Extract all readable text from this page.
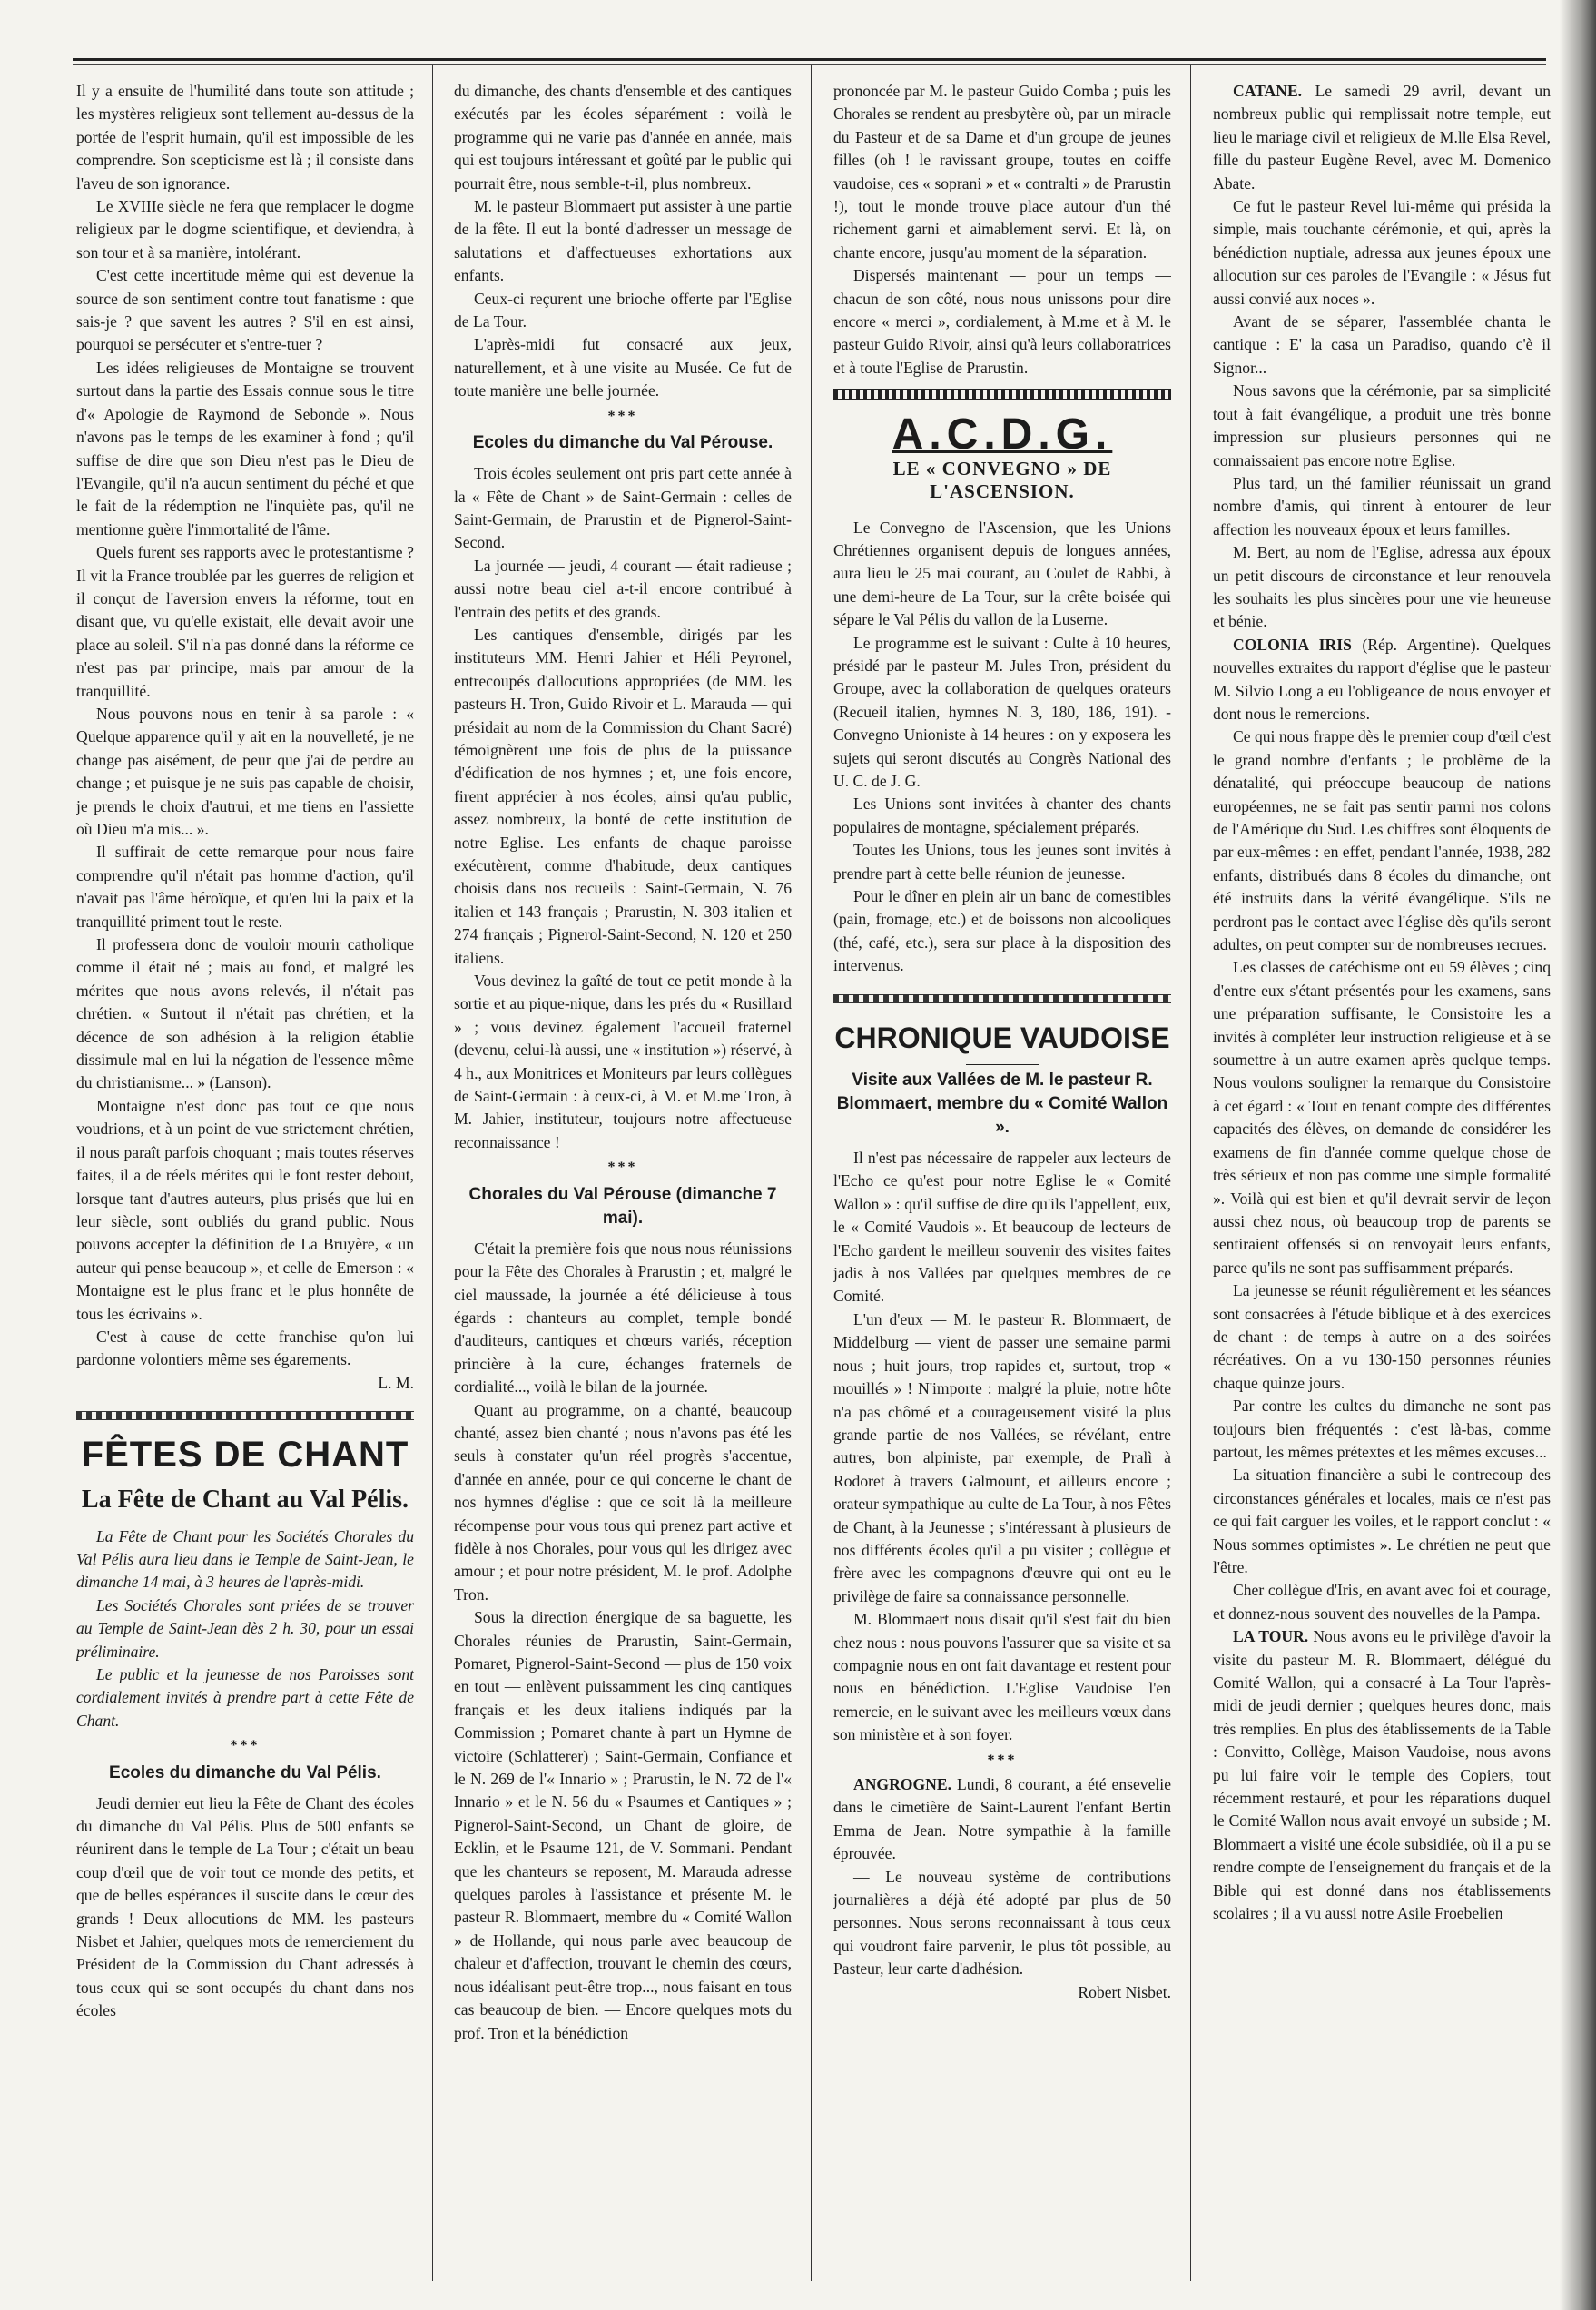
Il y a ensuite de l'humilité dans toute son attitude ; les mystères religieux sont tellement au-dessus de la portée de l'esprit humain, qu'il est impossible de les comprendre. Son scepticisme est là ; il consiste dans l'aveu de son ignorance.

Le XVIIIe siècle ne fera que remplacer le dogme religieux par le dogme scientifique, et deviendra, à son tour et à sa manière, intolérant.

C'est cette incertitude même qui est devenue la source de son sentiment contre tout fanatisme : que sais-je ? que savent les autres ? S'il en est ainsi, pourquoi se persécuter et s'entre-tuer ?

Les idées religieuses de Montaigne se trouvent surtout dans la partie des Essais connue sous le titre d'« Apologie de Raymond de Sebonde ». Nous n'avons pas le temps de les examiner à fond ; qu'il suffise de dire que son Dieu n'est pas le Dieu de l'Evangile, qu'il n'a aucun sentiment du péché et que le fait de la rédemption ne l'inquiète pas, qu'il ne mentionne guère l'immortalité de l'âme.

Quels furent ses rapports avec le protestantisme ? Il vit la France troublée par les guerres de religion et il conçut de l'aversion envers la réforme, tout en disant que, vu qu'elle existait, elle devait avoir une place au soleil. S'il n'a pas donné dans la réforme ce n'est pas par principe, mais par amour de la tranquillité.

Nous pouvons nous en tenir à sa parole : « Quelque apparence qu'il y ait en la nouvelleté, je ne change pas aisément, de peur que j'ai de perdre au change ; et puisque je ne suis pas capable de choisir, je prends le choix d'autrui, et me tiens en l'assiette où Dieu m'a mis... ».

Il suffirait de cette remarque pour nous faire comprendre qu'il n'était pas homme d'action, qu'il n'avait pas l'âme héroïque, et qu'en lui la paix et la tranquillité priment tout le reste.

Il professera donc de vouloir mourir catholique comme il était né ; mais au fond, et malgré les mérites que nous avons relevés, il n'était pas chrétien. « Surtout il n'était pas chrétien, et la décence de son adhésion à la religion établie dissimule mal en lui la négation de l'essence même du christianisme... » (Lanson).

Montaigne n'est donc pas tout ce que nous voudrions, et à un point de vue strictement chrétien, il nous paraît parfois choquant ; mais toutes réserves faites, il a de réels mérites qui le font rester debout, lorsque tant d'autres auteurs, plus prisés que lui en leur siècle, sont oubliés du grand public. Nous pouvons accepter la définition de La Bruyère, « un auteur qui pense beaucoup », et celle de Emerson : « Montaigne est le plus franc et le plus honnête de tous les écrivains ».

C'est à cause de cette franchise qu'on lui pardonne volontiers même ses égarements.

L. M.

FÊTES DE CHANT
La Fête de Chant au Val Pélis.

La Fête de Chant pour les Sociétés Chorales du Val Pélis aura lieu dans le Temple de Saint-Jean, le dimanche 14 mai, à 3 heures de l'après-midi.

Les Sociétés Chorales sont priées de se trouver au Temple de Saint-Jean dès 2 h. 30, pour un essai préliminaire.

Le public et la jeunesse de nos Paroisses sont cordialement invités à prendre part à cette Fête de Chant.

***
Ecoles du dimanche du Val Pélis.

Jeudi dernier eut lieu la Fête de Chant des écoles du dimanche du Val Pélis. Plus de 500 enfants se réunirent dans le temple de La Tour ; c'était un beau coup d'œil que de voir tout ce monde des petits, et que de belles espérances il suscite dans le cœur des grands ! Deux allocutions de MM. les pasteurs Nisbet et Jahier, quelques mots de remerciement du Président de la Commission du Chant adressés à tous ceux qui se sont occupés du chant dans nos écoles

du dimanche, des chants d'ensemble et des cantiques exécutés par les écoles séparément : voilà le programme qui ne varie pas d'année en année, mais qui est toujours intéressant et goûté par le public qui pourrait être, nous semble-t-il, plus nombreux.

M. le pasteur Blommaert put assister à une partie de la fête. Il eut la bonté d'adresser un message de salutations et d'affectueuses exhortations aux enfants.

Ceux-ci reçurent une brioche offerte par l'Eglise de La Tour.

L'après-midi fut consacré aux jeux, naturellement, et à une visite au Musée. Ce fut de toute manière une belle journée.

***
Ecoles du dimanche du Val Pérouse.

Trois écoles seulement ont pris part cette année à la « Fête de Chant » de Saint-Germain : celles de Saint-Germain, de Prarustin et de Pignerol-Saint-Second.

La journée — jeudi, 4 courant — était radieuse ; aussi notre beau ciel a-t-il encore contribué à l'entrain des petits et des grands.

Les cantiques d'ensemble, dirigés par les instituteurs MM. Henri Jahier et Héli Peyronel, entrecoupés d'allocutions appropriées (de MM. les pasteurs H. Tron, Guido Rivoir et L. Marauda — qui présidait au nom de la Commission du Chant Sacré) témoignèrent une fois de plus de la puissance d'édification de nos hymnes ; et, une fois encore, firent apprécier à nos écoles, ainsi qu'au public, assez nombreux, la bonté de cette institution de notre Eglise. Les enfants de chaque paroisse exécutèrent, comme d'habitude, deux cantiques choisis dans nos recueils : Saint-Germain, N. 76 italien et 143 français ; Prarustin, N. 303 italien et 274 français ; Pignerol-Saint-Second, N. 120 et 250 italiens.

Vous devinez la gaîté de tout ce petit monde à la sortie et au pique-nique, dans les prés du « Rusillard » ; vous devinez également l'accueil fraternel (devenu, celui-là aussi, une « institution ») réservé, à 4 h., aux Monitrices et Moniteurs par leurs collègues de Saint-Germain : à ceux-ci, à M. et M.me Tron, à M. Jahier, instituteur, toujours notre affectueuse reconnaissance !

***
Chorales du Val Pérouse (dimanche 7 mai).

C'était la première fois que nous nous réunissions pour la Fête des Chorales à Prarustin ; et, malgré le ciel maussade, la journée a été délicieuse à tous égards : chanteurs au complet, temple bondé d'auditeurs, cantiques et chœurs variés, réception princière à la cure, échanges fraternels de cordialité..., voilà le bilan de la journée.

Quant au programme, on a chanté, beaucoup chanté, assez bien chanté ; nous n'avons pas été les seuls à constater qu'un réel progrès s'accentue, d'année en année, pour ce qui concerne le chant de nos hymnes d'église : que ce soit là la meilleure récompense pour vous tous qui prenez part active et fidèle à nos Chorales, pour vous qui les dirigez avec amour ; et pour notre président, M. le prof. Adolphe Tron.

Sous la direction énergique de sa baguette, les Chorales réunies de Prarustin, Saint-Germain, Pomaret, Pignerol-Saint-Second — plus de 150 voix en tout — enlèvent puissamment les cinq cantiques français et les deux italiens indiqués par la Commission ; Pomaret chante à part un Hymne de victoire (Schlatterer) ; Saint-Germain, Confiance et le N. 269 de l'« Innario » ; Prarustin, le N. 72 de l'« Innario » et le N. 56 du « Psaumes et Cantiques » ; Pignerol-Saint-Second, un Chant de gloire, de Ecklin, et le Psaume 121, de V. Sommani. Pendant que les chanteurs se reposent, M. Marauda adresse quelques paroles à l'assistance et présente M. le pasteur R. Blommaert, membre du « Comité Wallon » de Hollande, qui nous parle avec beaucoup de chaleur et d'affection, trouvant le chemin des cœurs, nous idéalisant peut-être trop..., nous faisant en tous cas beaucoup de bien. — Encore quelques mots du prof. Tron et la bénédiction

prononcée par M. le pasteur Guido Comba ; puis les Chorales se rendent au presbytère où, par un miracle du Pasteur et de sa Dame et d'un groupe de jeunes filles (oh ! le ravissant groupe, toutes en coiffe vaudoise, ces « soprani » et « contralti » de Prarustin !), tout le monde trouve place autour d'un thé richement garni et aimablement servi. Et là, on chante encore, jusqu'au moment de la séparation.

Dispersés maintenant — pour un temps — chacun de son côté, nous nous unissons pour dire encore « merci », cordialement, à M.me et à M. le pasteur Guido Rivoir, ainsi qu'à leurs collaboratrices et à toute l'Eglise de Prarustin.

A.C.D.G.
LE « CONVEGNO » DE L'ASCENSION.

Le Convegno de l'Ascension, que les Unions Chrétiennes organisent depuis de longues années, aura lieu le 25 mai courant, au Coulet de Rabbi, à une demi-heure de La Tour, sur la crête boisée qui sépare le Val Pélis du vallon de la Luserne.

Le programme est le suivant : Culte à 10 heures, présidé par le pasteur M. Jules Tron, président du Groupe, avec la collaboration de quelques orateurs (Recueil italien, hymnes N. 3, 180, 186, 191). - Convegno Unioniste à 14 heures : on y exposera les sujets qui seront discutés au Congrès National des U. C. de J. G.

Les Unions sont invitées à chanter des chants populaires de montagne, spécialement préparés.

Toutes les Unions, tous les jeunes sont invités à prendre part à cette belle réunion de jeunesse.

Pour le dîner en plein air un banc de comestibles (pain, fromage, etc.) et de boissons non alcooliques (thé, café, etc.), sera sur place à la disposition des intervenus.

CHRONIQUE VAUDOISE
Visite aux Vallées de M. le pasteur R. Blommaert, membre du « Comité Wallon ».

Il n'est pas nécessaire de rappeler aux lecteurs de l'Echo ce qu'est pour notre Eglise le « Comité Wallon » : qu'il suffise de dire qu'ils l'appellent, eux, le « Comité Vaudois ». Et beaucoup de lecteurs de l'Echo gardent le meilleur souvenir des visites faites jadis à nos Vallées par quelques membres de ce Comité.

L'un d'eux — M. le pasteur R. Blommaert, de Middelburg — vient de passer une semaine parmi nous ; huit jours, trop rapides et, surtout, trop « mouillés » ! N'importe : malgré la pluie, notre hôte n'a pas chômé et a courageusement visité la plus grande partie de nos Vallées, se révélant, entre autres, bon alpiniste, par exemple, de Pralì à Rodoret à travers Galmount, et ailleurs encore ; orateur sympathique au culte de La Tour, à nos Fêtes de Chant, à la Jeunesse ; s'intéressant à plusieurs de nos différents écoles qu'il a pu visiter ; collègue et frère avec les compagnons d'œuvre qui ont eu le privilège de faire sa connaissance personnelle.

M. Blommaert nous disait qu'il s'est fait du bien chez nous : nous pouvons l'assurer que sa visite et sa compagnie nous en ont fait davantage et restent pour nous en bénédiction. L'Eglise Vaudoise l'en remercie, en le suivant avec les meilleurs vœux dans son ministère et à son foyer.

***

ANGROGNE. Lundi, 8 courant, a été ensevelie dans le cimetière de Saint-Laurent l'enfant Bertin Emma de Jean. Notre sympathie à la famille éprouvée.

— Le nouveau système de contributions journalières a déjà été adopté par plus de 50 personnes. Nous serons reconnaissant à tous ceux qui voudront faire parvenir, le plus tôt possible, au Pasteur, leur carte d'adhésion.

Robert Nisbet.

CATANE. Le samedi 29 avril, devant un nombreux public qui remplissait notre temple, eut lieu le mariage civil et religieux de M.lle Elsa Revel, fille du pasteur Eugène Revel, avec M. Domenico Abate.

Ce fut le pasteur Revel lui-même qui présida la simple, mais touchante cérémonie, et qui, après la bénédiction nuptiale, adressa aux jeunes époux une allocution sur ces paroles de l'Evangile : « Jésus fut aussi convié aux noces ».

Avant de se séparer, l'assemblée chanta le cantique : E' la casa un Paradiso, quando c'è il Signor...

Nous savons que la cérémonie, par sa simplicité tout à fait évangélique, a produit une très bonne impression sur plusieurs personnes qui ne connaissaient pas encore notre Eglise.

Plus tard, un thé familier réunissait un grand nombre d'amis, qui tinrent à entourer de leur affection les nouveaux époux et leurs familles.

M. Bert, au nom de l'Eglise, adressa aux époux un petit discours de circonstance et leur renouvela les souhaits les plus sincères pour une vie heureuse et bénie.

COLONIA IRIS (Rép. Argentine). Quelques nouvelles extraites du rapport d'église que le pasteur M. Silvio Long a eu l'obligeance de nous envoyer et dont nous le remercions.

Ce qui nous frappe dès le premier coup d'œil c'est le grand nombre d'enfants ; le problème de la dénatalité, qui préoccupe beaucoup de nations européennes, ne se fait pas sentir parmi nos colons de l'Amérique du Sud. Les chiffres sont éloquents de par eux-mêmes : en effet, pendant l'année, 1938, 282 enfants, distribués dans 8 écoles du dimanche, ont été instruits dans la vérité évangélique. S'ils ne perdront pas le contact avec l'église dès qu'ils seront adultes, on peut compter sur de nombreuses recrues.

Les classes de catéchisme ont eu 59 élèves ; cinq d'entre eux s'étant présentés pour les examens, sans une préparation suffisante, le Consistoire les a invités à compléter leur instruction religieuse et à se soumettre à un autre examen après quelque temps. Nous voulons souligner la remarque du Consistoire à cet égard : « Tout en tenant compte des différentes capacités des élèves, on demande de considérer les examens de fin d'année comme quelque chose de très sérieux et non pas comme une simple formalité ». Voilà qui est bien et qu'il devrait servir de leçon aussi chez nous, où beaucoup trop de parents se sentiraient offensés si on renvoyait leurs enfants, parce qu'ils ne sont pas suffisamment préparés.

La jeunesse se réunit régulièrement et les séances sont consacrées à l'étude biblique et à des exercices de chant : de temps à autre on a des soirées récréatives. On a vu 130-150 personnes réunies chaque quinze jours.

Par contre les cultes du dimanche ne sont pas toujours bien fréquentés : c'est là-bas, comme partout, les mêmes prétextes et les mêmes excuses...

La situation financière a subi le contrecoup des circonstances générales et locales, mais ce n'est pas ce qui fait carguer les voiles, et le rapport conclut : « Nous sommes optimistes ». Le chrétien ne peut que l'être.

Cher collègue d'Iris, en avant avec foi et courage, et donnez-nous souvent des nouvelles de la Pampa.

LA TOUR. Nous avons eu le privilège d'avoir la visite du pasteur M. R. Blommaert, délégué du Comité Wallon, qui a consacré à La Tour l'après-midi de jeudi dernier ; quelques heures donc, mais très remplies. En plus des établissements de la Table : Convitto, Collège, Maison Vaudoise, nous avons pu lui faire voir le temple des Copiers, tout récemment restauré, et pour les réparations duquel le Comité Wallon nous avait envoyé un subside ; M. Blommaert a visité une école subsidiée, où il a pu se rendre compte de l'enseignement du français et de la Bible qui est donné dans nos établissements scolaires ; il a vu aussi notre Asile Froebelien
